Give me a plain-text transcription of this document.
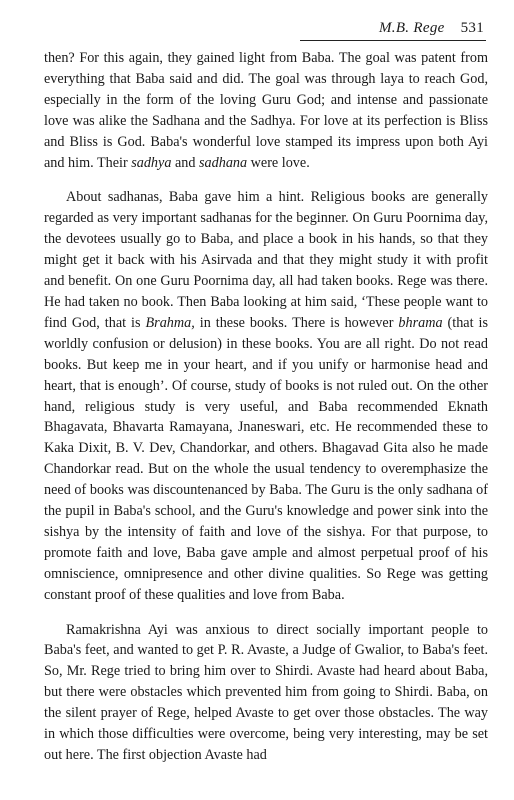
M.B. Rege 531

then? For this again, they gained light from Baba. The goal was patent from everything that Baba said and did. The goal was through laya to reach God, especially in the form of the loving Guru God; and intense and passionate love was alike the Sadhana and the Sadhya. For love at its perfection is Bliss and Bliss is God. Baba's wonderful love stamped its impress upon both Ayi and him. Their sadhya and sadhana were love.

About sadhanas, Baba gave him a hint. Religious books are generally regarded as very important sadhanas for the beginner. On Guru Poornima day, the devotees usually go to Baba, and place a book in his hands, so that they might get it back with his Asirvada and that they might study it with profit and benefit. On one Guru Poornima day, all had taken books. Rege was there. He had taken no book. Then Baba looking at him said, ‘These people want to find God, that is Brahma, in these books. There is however bhrama (that is worldly confusion or delusion) in these books. You are all right. Do not read books. But keep me in your heart, and if you unify or harmonise head and heart, that is enough’. Of course, study of books is not ruled out. On the other hand, religious study is very useful, and Baba recommended Eknath Bhagavata, Bhavarta Ramayana, Jnaneswari, etc. He recommended these to Kaka Dixit, B. V. Dev, Chandorkar, and others. Bhagavad Gita also he made Chandorkar read. But on the whole the usual tendency to overemphasize the need of books was discountenanced by Baba. The Guru is the only sadhana of the pupil in Baba's school, and the Guru's knowledge and power sink into the sishya by the intensity of faith and love of the sishya. For that purpose, to promote faith and love, Baba gave ample and almost perpetual proof of his omniscience, omnipresence and other divine qualities. So Rege was getting constant proof of these qualities and love from Baba.

Ramakrishna Ayi was anxious to direct socially important people to Baba's feet, and wanted to get P. R. Avaste, a Judge of Gwalior, to Baba's feet. So, Mr. Rege tried to bring him over to Shirdi. Avaste had heard about Baba, but there were obstacles which prevented him from going to Shirdi. Baba, on the silent prayer of Rege, helped Avaste to get over those obstacles. The way in which those difficulties were overcome, being very interesting, may be set out here. The first objection Avaste had
